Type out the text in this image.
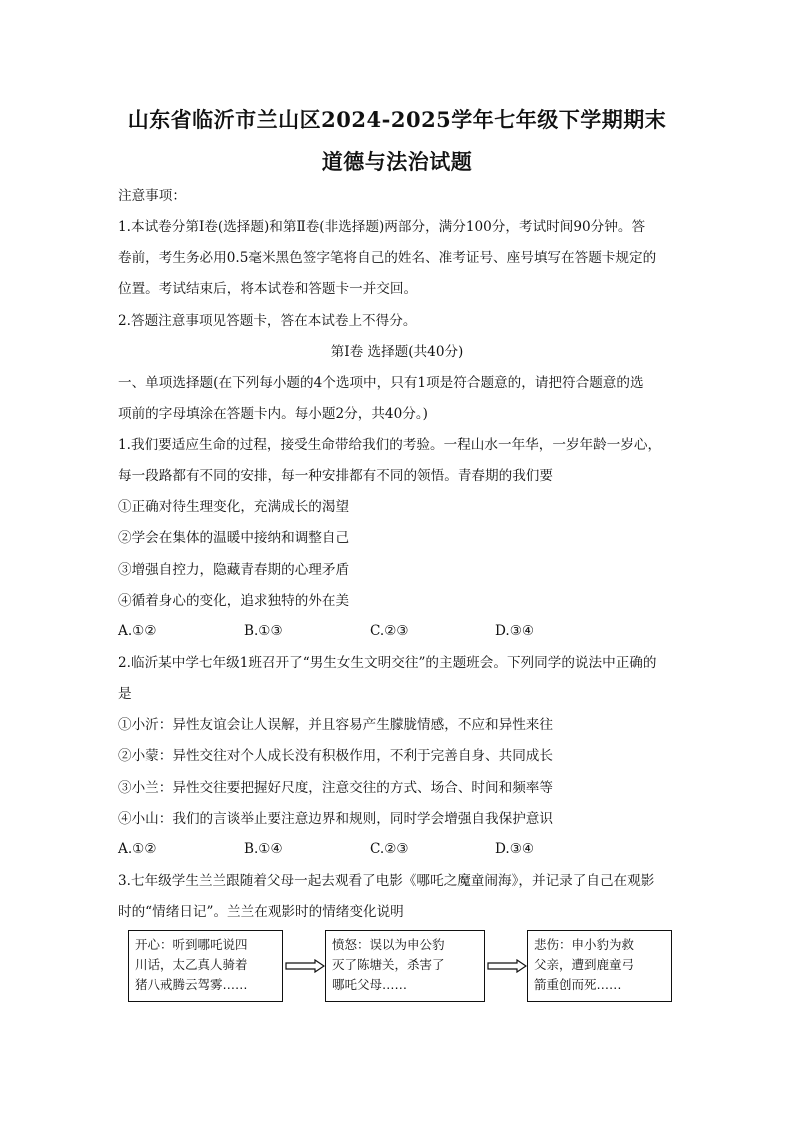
山东省临沂市兰山区2024-2025学年七年级下学期期末
道德与法治试题
注意事项：
1.本试卷分第Ⅰ卷(选择题)和第Ⅱ卷(非选择题)两部分，满分100分，考试时间90分钟。答
卷前，考生务必用0.5毫米黑色签字笔将自己的姓名、准考证号、座号填写在答题卡规定的
位置。考试结束后，将本试卷和答题卡一并交回。
2.答题注意事项见答题卡，答在本试卷上不得分。
第Ⅰ卷 选择题(共40分)
一、单项选择题(在下列每小题的4个选项中，只有1项是符合题意的，请把符合题意的选
项前的字母填涂在答题卡内。每小题2分，共40分。)
1.我们要适应生命的过程，接受生命带给我们的考验。一程山水一年华，一岁年龄一岁心，
每一段路都有不同的安排，每一种安排都有不同的领悟。青春期的我们要
①正确对待生理变化，充满成长的渴望
②学会在集体的温暖中接纳和调整自己
③增强自控力，隐藏青春期的心理矛盾
④循着身心的变化，追求独特的外在美
A.①②	B.①③	C.②③	D.③④
2.临沂某中学七年级1班召开了“男生女生文明交往”的主题班会。下列同学的说法中正确的
是
①小沂：异性友谊会让人误解，并且容易产生朦胧情感，不应和异性来往
②小蒙：异性交往对个人成长没有积极作用，不利于完善自身、共同成长
③小兰：异性交往要把握好尺度，注意交往的方式、场合、时间和频率等
④小山：我们的言谈举止要注意边界和规则，同时学会增强自我保护意识
A.①②	B.①④	C.②③	D.③④
3.七年级学生兰兰跟随着父母一起去观看了电影《哪吒之魔童闹海》，并记录了自己在观影
时的“情绪日记”。兰兰在观影时的情绪变化说明
开心：听到哪吒说四
川话，太乙真人骑着
猪八戒腾云驾雾……
愤怒：误以为申公豹
灭了陈塘关，杀害了
哪吒父母……
悲伤：申小豹为救
父亲，遭到鹿童弓
箭重创而死……
